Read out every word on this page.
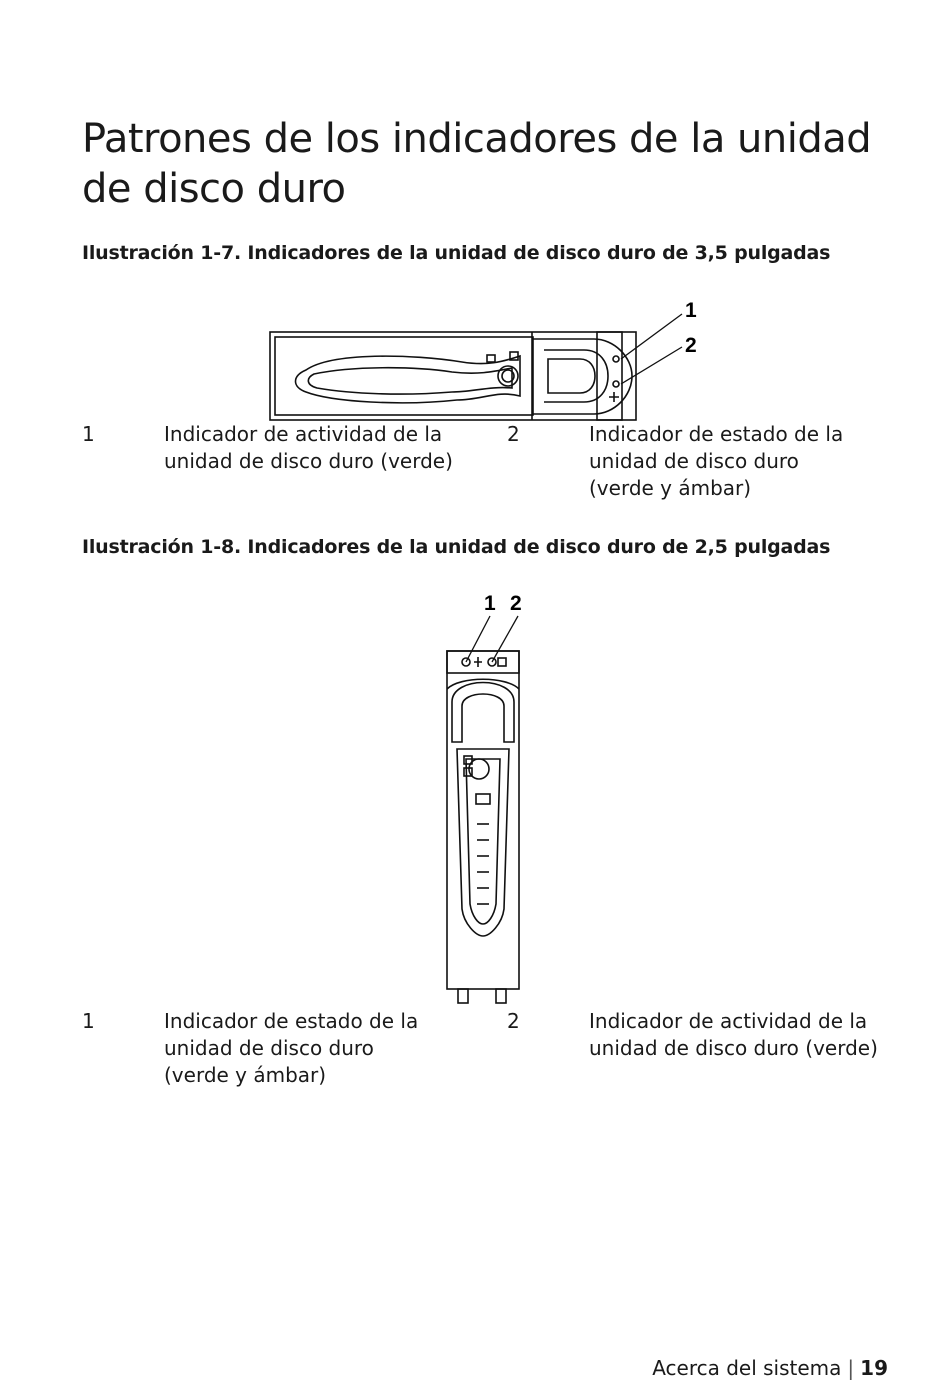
Patrones de los indicadores de la unidad de disco duro

Ilustración 1-7. Indicadores de la unidad de disco duro de 3,5 pulgadas

1
2
1	Indicador de actividad de la
unidad de disco duro (verde)
2	Indicador de estado de la
unidad de disco duro
(verde y ámbar)

Ilustración 1-8. Indicadores de la unidad de disco duro de 2,5 pulgadas

1 2
1	Indicador de estado de la
unidad de disco duro
(verde y ámbar)
2	Indicador de actividad de la
unidad de disco duro (verde)
Acerca del sistema | 19
